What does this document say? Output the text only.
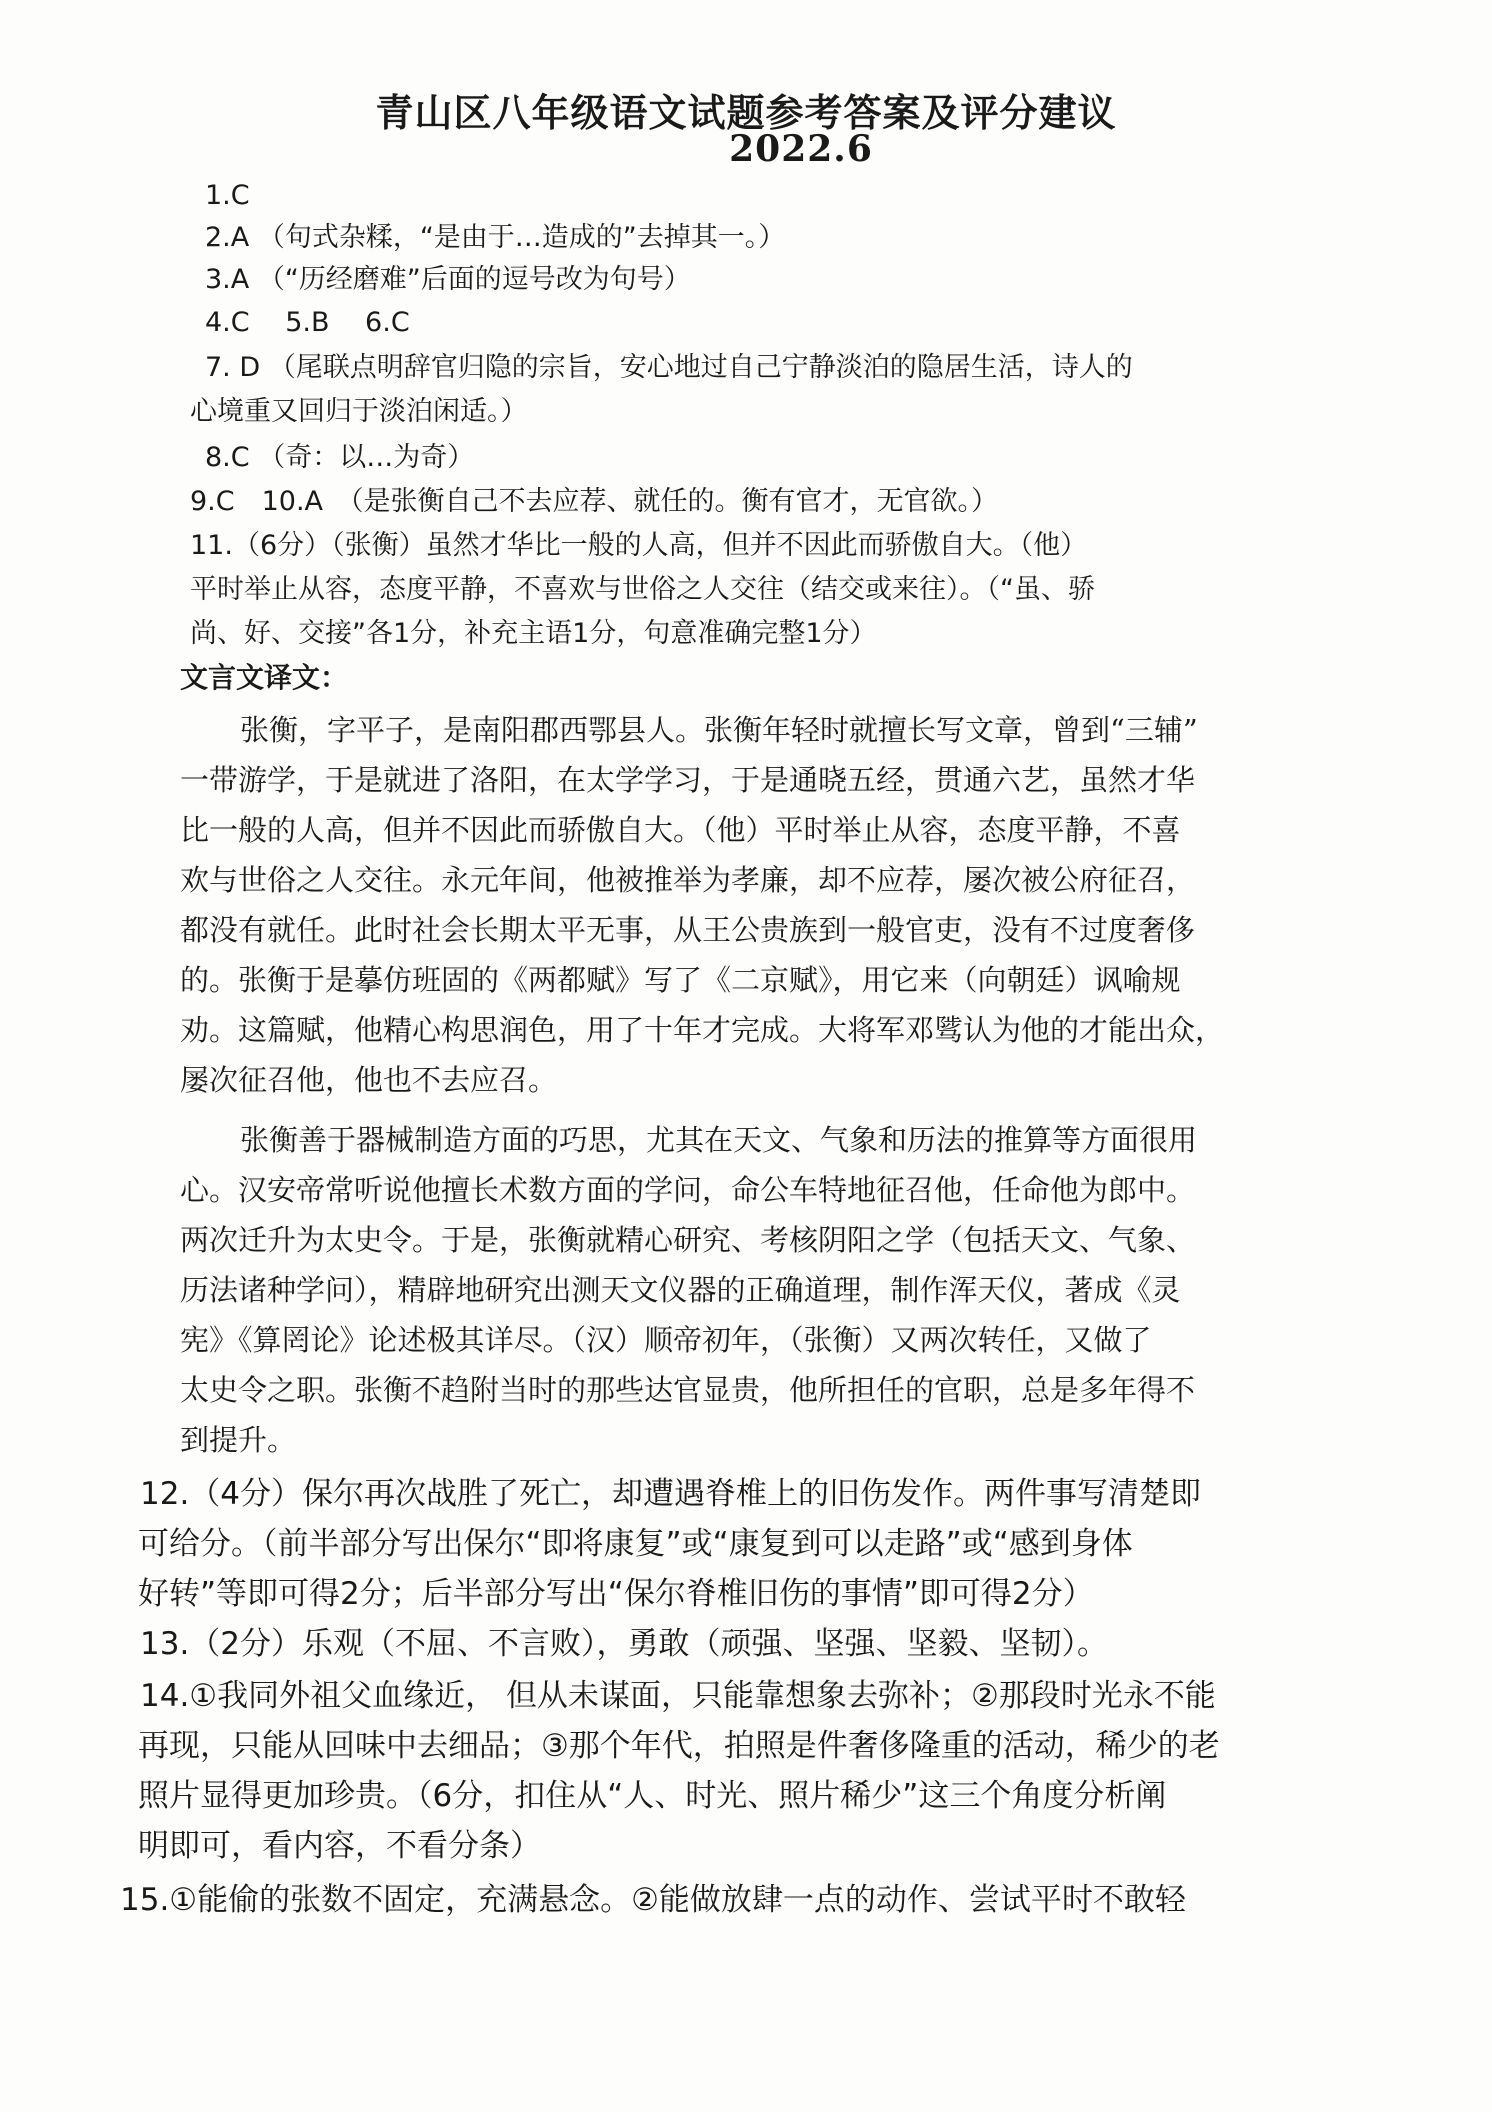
青山区八年级语文试题参考答案及评分建议
2022.6
1.C
2.A （句式杂糅，“是由于…造成的”去掉其一。）
3.A （“历经磨难”后面的逗号改为句号）
4.C　 5.B　 6.C
7. D （尾联点明辞官归隐的宗旨，安心地过自己宁静淡泊的隐居生活，诗人的
心境重又回归于淡泊闲适。）
8.C （奇：以…为奇）
9.C　10.A　（是张衡自己不去应荐、就任的。衡有官才，无官欲。）
11.（6分）（张衡）虽然才华比一般的人高，但并不因此而骄傲自大。（他）
平时举止从容，态度平静，不喜欢与世俗之人交往（结交或来往）。（“虽、骄
尚、好、交接”各1分，补充主语1分，句意准确完整1分）
文言文译文：
张衡，字平子，是南阳郡西鄂县人。张衡年轻时就擅长写文章，曾到“三辅”
一带游学，于是就进了洛阳，在太学学习，于是通晓五经，贯通六艺，虽然才华
比一般的人高，但并不因此而骄傲自大。（他）平时举止从容，态度平静，不喜
欢与世俗之人交往。永元年间，他被推举为孝廉，却不应荐，屡次被公府征召，
都没有就任。此时社会长期太平无事，从王公贵族到一般官吏，没有不过度奢侈
的。张衡于是摹仿班固的《两都赋》写了《二京赋》，用它来（向朝廷）讽喻规
劝。这篇赋，他精心构思润色，用了十年才完成。大将军邓骘认为他的才能出众，
屡次征召他，他也不去应召。
张衡善于器械制造方面的巧思，尤其在天文、气象和历法的推算等方面很用
心。汉安帝常听说他擅长术数方面的学问，命公车特地征召他，任命他为郎中。
两次迁升为太史令。于是，张衡就精心研究、考核阴阳之学（包括天文、气象、
历法诸种学问），精辟地研究出测天文仪器的正确道理，制作浑天仪，著成《灵
宪》《算罔论》论述极其详尽。（汉）顺帝初年，（张衡）又两次转任，又做了
太史令之职。张衡不趋附当时的那些达官显贵，他所担任的官职，总是多年得不
到提升。
12.（4分）保尔再次战胜了死亡，却遭遇脊椎上的旧伤发作。两件事写清楚即
可给分。（前半部分写出保尔“即将康复”或“康复到可以走路”或“感到身体
好转”等即可得2分；后半部分写出“保尔脊椎旧伤的事情”即可得2分）
13.（2分）乐观（不屈、不言败），勇敢（顽强、坚强、坚毅、坚韧）。
14.①我同外祖父血缘近， 但从未谋面，只能靠想象去弥补；②那段时光永不能
再现，只能从回味中去细品；③那个年代，拍照是件奢侈隆重的活动，稀少的老
照片显得更加珍贵。（6分，扣住从“人、时光、照片稀少”这三个角度分析阐
明即可，看内容，不看分条）
15.①能偷的张数不固定，充满悬念。②能做放肆一点的动作、尝试平时不敢轻
